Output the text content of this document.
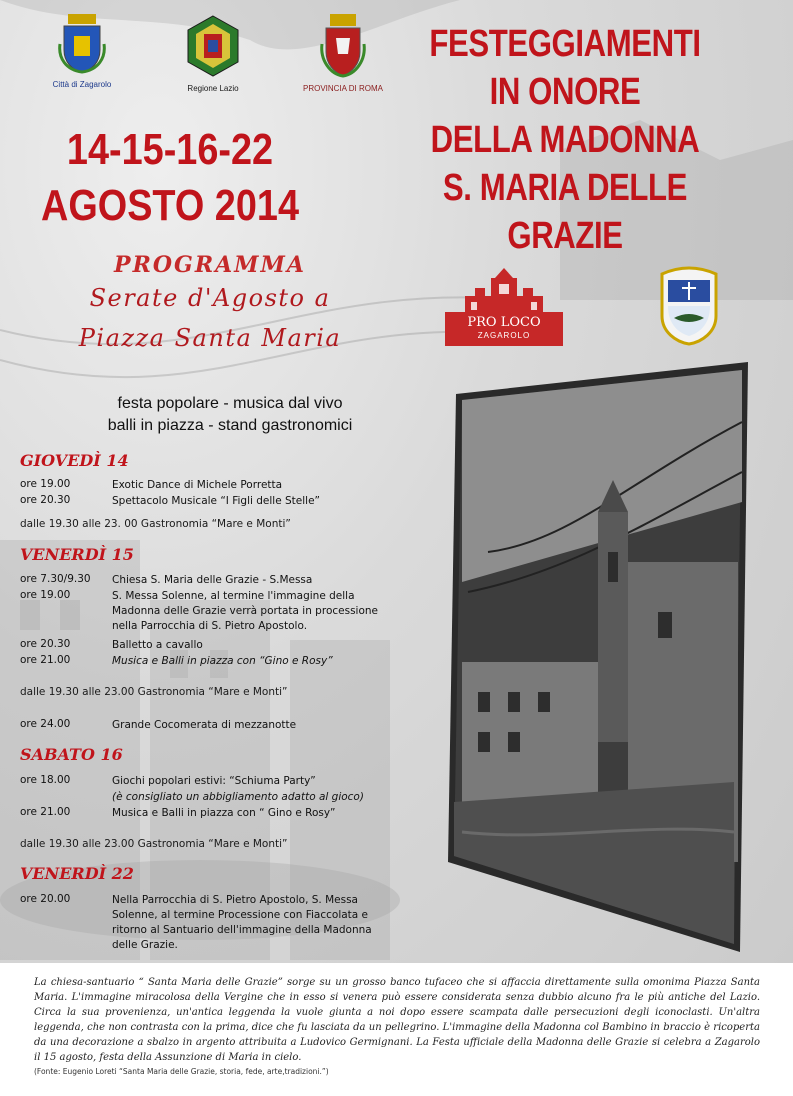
Città di Zagarolo	Regione Lazio	PROVINCIA DI ROMA
FESTEGGIAMENTI
IN ONORE
DELLA MADONNA
S. MARIA DELLE GRAZIE
14-15-16-22
AGOSTO 2014
PROGRAMMA
Serate d'Agosto a
Piazza Santa Maria
festa popolare - musica dal vivo
balli in piazza - stand gastronomici
PRO LOCO
ZAGAROLO
GIOVEDÌ 14
ore 19.00	Exotic Dance di Michele Porretta
ore 20.30	Spettacolo Musicale “I Figli delle Stelle”
dalle 19.30 alle 23. 00 Gastronomia “Mare e Monti”
VENERDÌ 15
ore 7.30/9.30	Chiesa S. Maria delle Grazie - S.Messa
ore 19.00	S. Messa Solenne, al termine l'immagine della Madonna delle Grazie verrà portata in processione nella Parrocchia di S. Pietro Apostolo.
ore 20.30	Balletto a cavallo
ore 21.00	Musica e Balli in piazza con “Gino e Rosy”
dalle 19.30 alle 23.00 Gastronomia “Mare e Monti”
ore 24.00	Grande Cocomerata di mezzanotte
SABATO 16
ore 18.00	Giochi popolari estivi: “Schiuma Party”
(è consigliato un abbigliamento adatto al gioco)
ore 21.00	Musica e Balli in piazza con “ Gino e Rosy”
dalle 19.30 alle 23.00 Gastronomia “Mare e Monti”
VENERDÌ 22
ore 20.00	Nella Parrocchia di S. Pietro Apostolo, S. Messa Solenne, al termine Processione con Fiaccolata e ritorno al Santuario dell'immagine della Madonna delle Grazie.

La chiesa-santuario “ Santa Maria delle Grazie” sorge su un grosso banco tufaceo che si affaccia direttamente sulla omonima Piazza Santa Maria. L'immagine miracolosa della Vergine che in esso si venera può essere considerata senza dubbio alcuno fra le più antiche del Lazio. Circa la sua provenienza, un'antica leggenda la vuole giunta a noi dopo essere scampata dalle persecuzioni degli iconoclasti. Un'altra leggenda, che non contrasta con la prima, dice che fu lasciata da un pellegrino. L'immagine della Madonna col Bambino in braccio è ricoperta da una decorazione a sbalzo in argento attribuita a Ludovico Germignani. La Festa ufficiale della Madonna delle Grazie si celebra a Zagarolo il 15 agosto, festa della Assunzione di Maria in cielo.

(Fonte: Eugenio Loreti “Santa Maria delle Grazie, storia, fede, arte,tradizioni.”)
